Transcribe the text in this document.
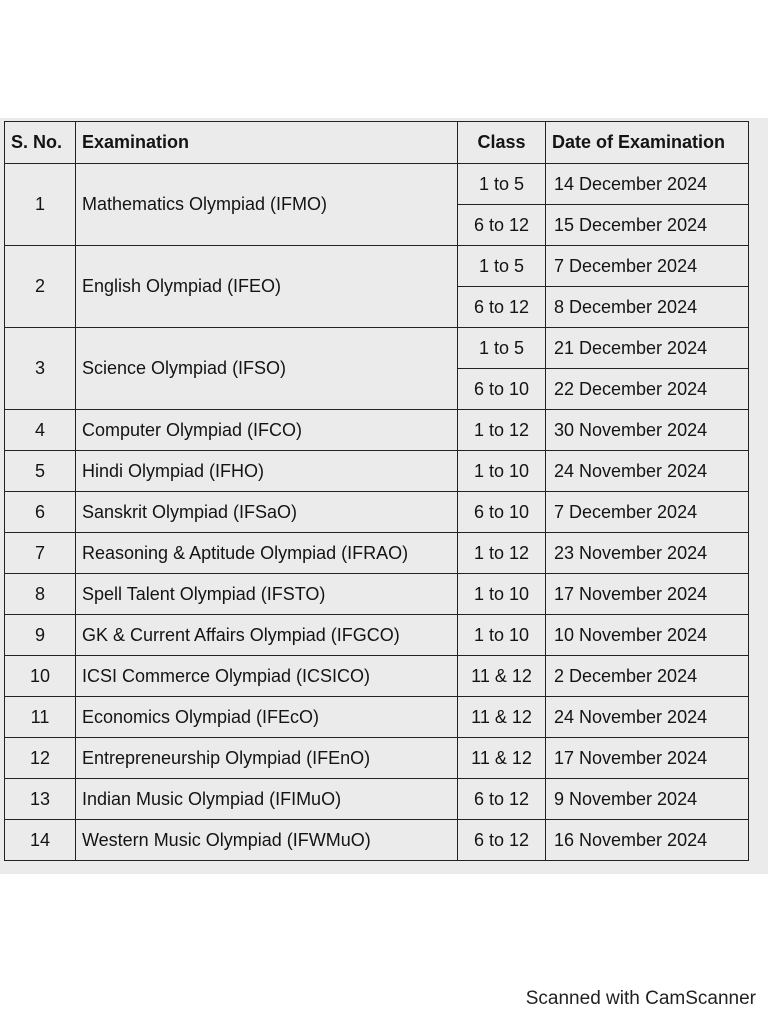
S. No.	Examination	Class	Date of Examination
1	Mathematics Olympiad (IFMO)	1 to 5	14 December 2024
		6 to 12	15 December 2024
2	English Olympiad (IFEO)	1 to 5	7 December 2024
		6 to 12	8 December 2024
3	Science Olympiad (IFSO)	1 to 5	21 December 2024
		6 to 10	22 December 2024
4	Computer Olympiad (IFCO)	1 to 12	30 November 2024
5	Hindi Olympiad (IFHO)	1 to 10	24 November 2024
6	Sanskrit Olympiad (IFSaO)	6 to 10	7 December 2024
7	Reasoning & Aptitude Olympiad (IFRAO)	1 to 12	23 November 2024
8	Spell Talent Olympiad (IFSTO)	1 to 10	17 November 2024
9	GK & Current Affairs Olympiad (IFGCO)	1 to 10	10 November 2024
10	ICSI Commerce Olympiad (ICSICO)	11 & 12	2 December 2024
11	Economics Olympiad (IFEcO)	11 & 12	24 November 2024
12	Entrepreneurship Olympiad (IFEnO)	11 & 12	17 November 2024
13	Indian Music Olympiad (IFIMuO)	6 to 12	9 November 2024
14	Western Music Olympiad (IFWMuO)	6 to 12	16 November 2024
Scanned with CamScanner
